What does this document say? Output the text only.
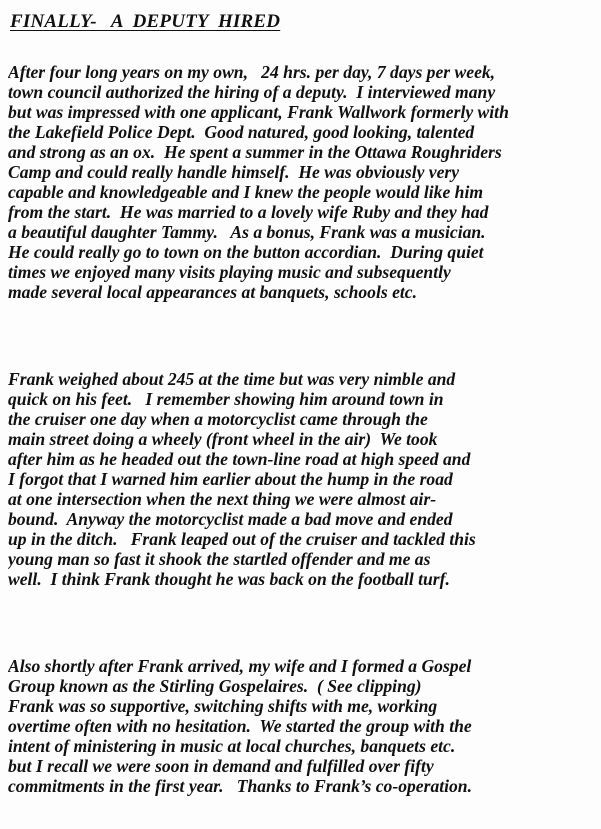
FINALLY-   A  DEPUTY  HIRED
After four long years on my own,   24 hrs. per day, 7 days per week,
town council authorized the hiring of a deputy.  I interviewed many
but was impressed with one applicant, Frank Wallwork formerly with
the Lakefield Police Dept.  Good natured, good looking, talented
and strong as an ox.  He spent a summer in the Ottawa Roughriders
Camp and could really handle himself.  He was obviously very
capable and knowledgeable and I knew the people would like him
from the start.  He was married to a lovely wife Ruby and they had
a beautiful daughter Tammy.   As a bonus, Frank was a musician.
He could really go to town on the button accordian.  During quiet
times we enjoyed many visits playing music and subsequently
made several local appearances at banquets, schools etc.
Frank weighed about 245 at the time but was very nimble and
quick on his feet.   I remember showing him around town in
the cruiser one day when a motorcyclist came through the
main street doing a wheely (front wheel in the air)  We took
after him as he headed out the town-line road at high speed and
I forgot that I warned him earlier about the hump in the road
at one intersection when the next thing we were almost air-
bound.  Anyway the motorcyclist made a bad move and ended
up in the ditch.   Frank leaped out of the cruiser and tackled this
young man so fast it shook the startled offender and me as
well.  I think Frank thought he was back on the football turf.
Also shortly after Frank arrived, my wife and I formed a Gospel
Group known as the Stirling Gospelaires.  ( See clipping)
Frank was so supportive, switching shifts with me, working
overtime often with no hesitation.  We started the group with the
intent of ministering in music at local churches, banquets etc.
but I recall we were soon in demand and fulfilled over fifty
commitments in the first year.   Thanks to Frank’s co-operation.
